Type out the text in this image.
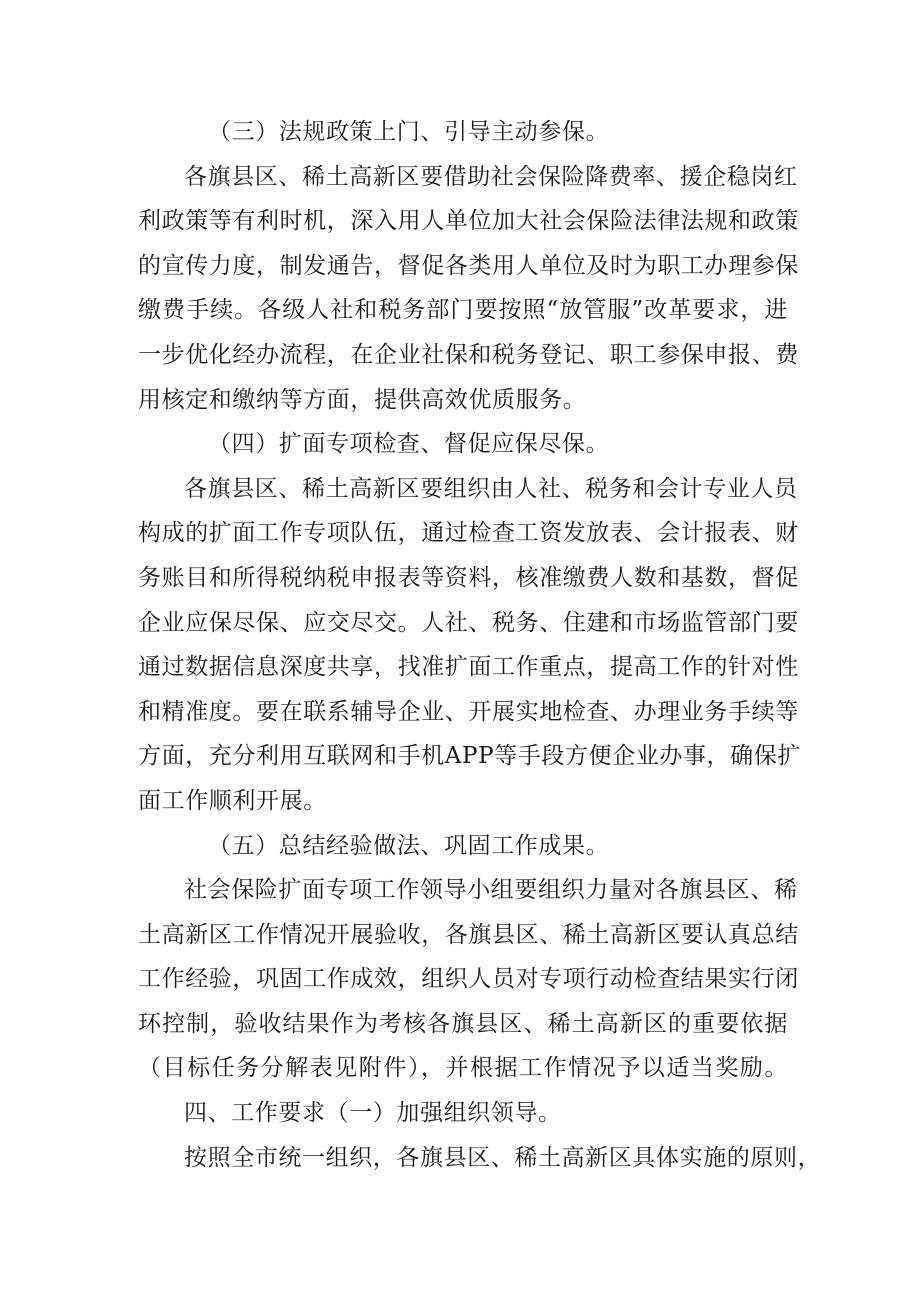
（三）法规政策上门、引导主动参保。
各旗县区、稀土高新区要借助社会保险降费率、援企稳岗红
利政策等有利时机，深入用人单位加大社会保险法律法规和政策
的宣传力度，制发通告，督促各类用人单位及时为职工办理参保
缴费手续。各级人社和税务部门要按照“放管服”改革要求，进
一步优化经办流程，在企业社保和税务登记、职工参保申报、费
用核定和缴纳等方面，提供高效优质服务。
（四）扩面专项检查、督促应保尽保。
各旗县区、稀土高新区要组织由人社、税务和会计专业人员
构成的扩面工作专项队伍，通过检查工资发放表、会计报表、财
务账目和所得税纳税申报表等资料，核准缴费人数和基数，督促
企业应保尽保、应交尽交。人社、税务、住建和市场监管部门要
通过数据信息深度共享，找准扩面工作重点，提高工作的针对性
和精准度。要在联系辅导企业、开展实地检查、办理业务手续等
方面，充分利用互联网和手机APP等手段方便企业办事，确保扩
面工作顺利开展。
（五）总结经验做法、巩固工作成果。
社会保险扩面专项工作领导小组要组织力量对各旗县区、稀
土高新区工作情况开展验收，各旗县区、稀土高新区要认真总结
工作经验，巩固工作成效，组织人员对专项行动检查结果实行闭
环控制，验收结果作为考核各旗县区、稀土高新区的重要依据
（目标任务分解表见附件），并根据工作情况予以适当奖励。
四、工作要求（一）加强组织领导。
按照全市统一组织，各旗县区、稀土高新区具体实施的原则，
